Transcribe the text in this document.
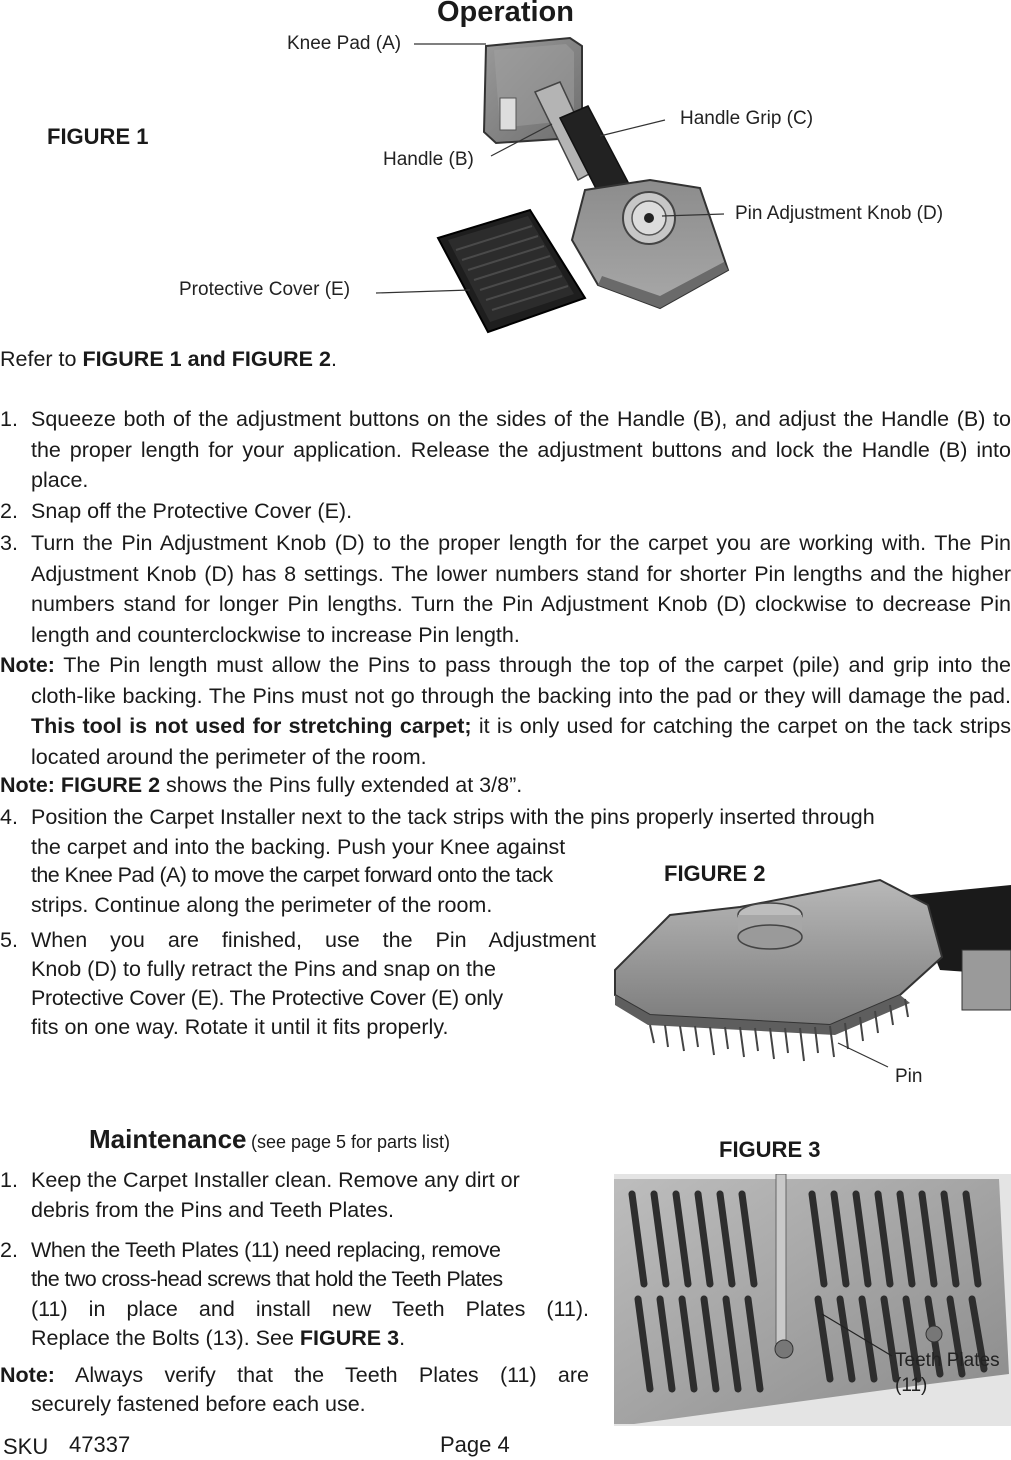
Operation
FIGURE 1
Knee Pad (A)
Handle (B)
Handle Grip (C)
Pin Adjustment Knob (D)
Protective Cover (E)
Refer to FIGURE 1 and FIGURE 2.
1. Squeeze both of the adjustment buttons on the sides of the Handle (B), and adjust the Handle (B) to the proper length for your application. Release the adjustment buttons and lock the Handle (B) into place.
2. Snap off the Protective Cover (E).
3. Turn the Pin Adjustment Knob (D) to the proper length for the carpet you are working with. The Pin Adjustment Knob (D) has 8 settings. The lower numbers stand for shorter Pin lengths and the higher numbers stand for longer Pin lengths. Turn the Pin Adjustment Knob (D) clockwise to decrease Pin length and counterclockwise to increase Pin length.
Note: The Pin length must allow the Pins to pass through the top of the carpet (pile) and grip into the cloth-like backing. The Pins must not go through the backing into the pad or they will damage the pad. This tool is not used for stretching carpet; it is only used for catching the carpet on the tack strips located around the perimeter of the room.
Note: FIGURE 2 shows the Pins fully extended at 3/8”.
4. Position the Carpet Installer next to the tack strips with the pins properly inserted through
the carpet and into the backing. Push your Knee against
the Knee Pad (A) to move the carpet forward onto the tack
strips. Continue along the perimeter of the room.
5. When you are finished, use the Pin Adjustment
Knob (D) to fully retract the Pins and snap on the
Protective Cover (E). The Protective Cover (E) only
fits on one way. Rotate it until it fits properly.
FIGURE 2
Pin
Maintenance (see page 5 for parts list)
1. Keep the Carpet Installer clean. Remove any dirt or
debris from the Pins and Teeth Plates.
2. When the Teeth Plates (11) need replacing, remove
the two cross-head screws that hold the Teeth Plates
(11) in place and install new Teeth Plates (11).
Replace the Bolts (13). See FIGURE 3.
Note: Always verify that the Teeth Plates (11) are
securely fastened before each use.
FIGURE 3
Teeth Plates
(11)
SKU 47337	Page 4
